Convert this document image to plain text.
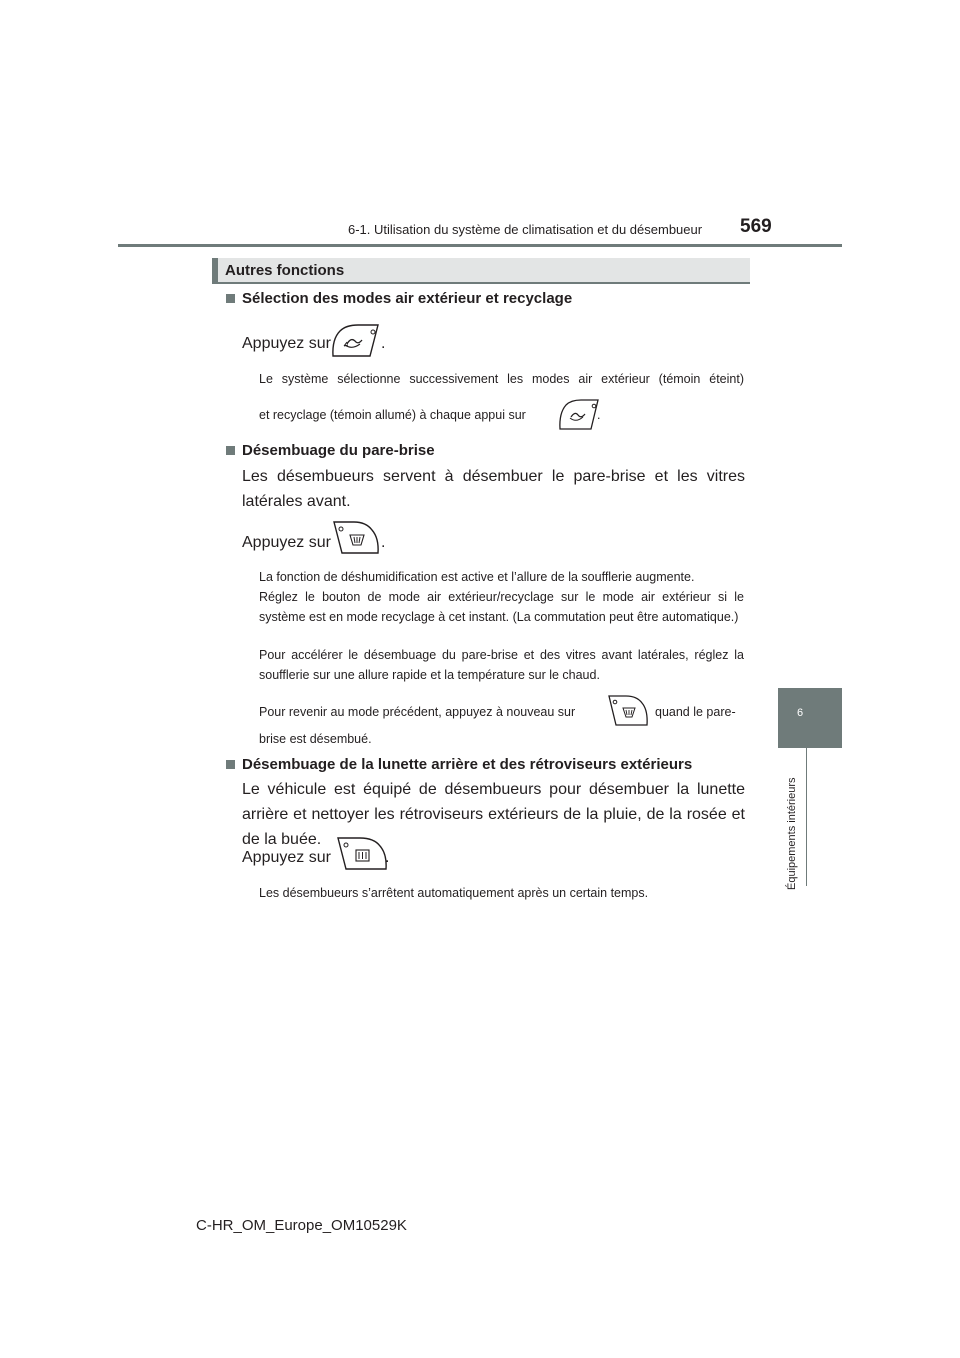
6-1. Utilisation du système de climatisation et du désembueur 569
6
Équipements intérieurs
Autres fonctions
Sélection des modes air extérieur et recyclage
Appuyez sur	.
Le système sélectionne successivement les modes air extérieur (témoin éteint)
et recyclage (témoin allumé) à chaque appui sur	.
Désembuage du pare-brise
Les désembueurs servent à désembuer le pare-brise et les vitres latérales avant.
Appuyez sur	.
La fonction de déshumidification est active et l’allure de la soufflerie augmente.
Réglez le bouton de mode air extérieur/recyclage sur le mode air extérieur si le système est en mode recyclage à cet instant. (La commutation peut être automatique.)
Pour accélérer le désembuage du pare-brise et des vitres avant latérales, réglez la soufflerie sur une allure rapide et la température sur le chaud.
Pour revenir au mode précédent, appuyez à nouveau sur	quand le pare-
brise est désembué.
Désembuage de la lunette arrière et des rétroviseurs extérieurs
Le véhicule est équipé de désembueurs pour désembuer la lunette arrière et nettoyer les rétroviseurs extérieurs de la pluie, de la rosée et de la buée.
Appuyez sur	.
Les désembueurs s’arrêtent automatiquement après un certain temps.
C-HR_OM_Europe_OM10529K
